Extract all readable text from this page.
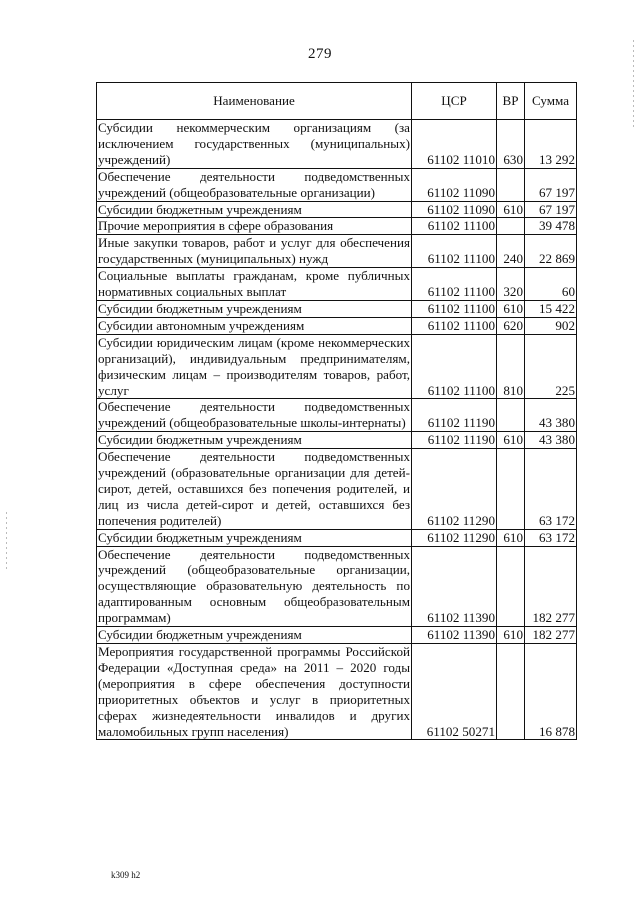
279
Наименование	ЦСР	ВР	Сумма
Субсидии некоммерческим организациям (за исключением государственных (муниципальных) учреждений)	61102 11010	630	13 292
Обеспечение деятельности подведомственных учреждений (общеобразовательные организации)	61102 11090		67 197
Субсидии бюджетным учреждениям	61102 11090	610	67 197
Прочие мероприятия в сфере образования	61102 11100		39 478
Иные закупки товаров, работ и услуг для обеспечения государственных (муниципальных) нужд	61102 11100	240	22 869
Социальные выплаты гражданам, кроме публичных нормативных социальных выплат	61102 11100	320	60
Субсидии бюджетным учреждениям	61102 11100	610	15 422
Субсидии автономным учреждениям	61102 11100	620	902
Субсидии юридическим лицам (кроме некоммерческих организаций), индивидуальным предпринимателям, физическим лицам – производителям товаров, работ, услуг	61102 11100	810	225
Обеспечение деятельности подведомственных учреждений (общеобразовательные школы-интернаты)	61102 11190		43 380
Субсидии бюджетным учреждениям	61102 11190	610	43 380
Обеспечение деятельности подведомственных учреждений (образовательные организации для детей-сирот, детей, оставшихся без попечения родителей, и лиц из числа детей-сирот и детей, оставшихся без попечения родителей)	61102 11290		63 172
Субсидии бюджетным учреждениям	61102 11290	610	63 172
Обеспечение деятельности подведомственных учреждений (общеобразовательные организации, осуществляющие образовательную деятельность по адаптированным основным общеобразовательным программам)	61102 11390		182 277
Субсидии бюджетным учреждениям	61102 11390	610	182 277
Мероприятия государственной программы Российской Федерации «Доступная среда» на 2011 – 2020 годы (мероприятия в сфере обеспечения доступности приоритетных объектов и услуг в приоритетных сферах жизнедеятельности инвалидов и других маломобильных групп населения)	61102 50271		16 878
k309 h2
